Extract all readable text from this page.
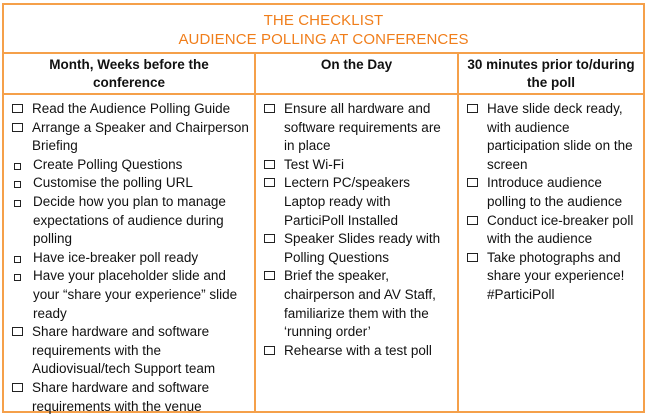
THE CHECKLIST
AUDIENCE POLLING AT CONFERENCES
Month, Weeks before the
conference
Read the Audience Polling Guide
Arrange a Speaker and Chairperson Briefing
Create Polling Questions
Customise the polling URL
Decide how you plan to manage expectations of audience during polling
Have ice-breaker poll ready
Have your placeholder slide and your “share your experience” slide ready
Share hardware and software requirements with the Audiovisual/tech Support team
Share hardware and software requirements with the venue
On the Day
Ensure all hardware and software requirements are in place
Test Wi-Fi
Lectern PC/speakers Laptop ready with ParticiPoll Installed
Speaker Slides ready with Polling Questions
Brief the speaker, chairperson and AV Staff, familiarize them with the ‘running order’
Rehearse with a test poll
30 minutes prior to/during
the poll
Have slide deck ready, with audience participation slide on the screen
Introduce audience polling to the audience
Conduct ice-breaker poll with the audience
Take photographs and share your experience! #ParticiPoll
